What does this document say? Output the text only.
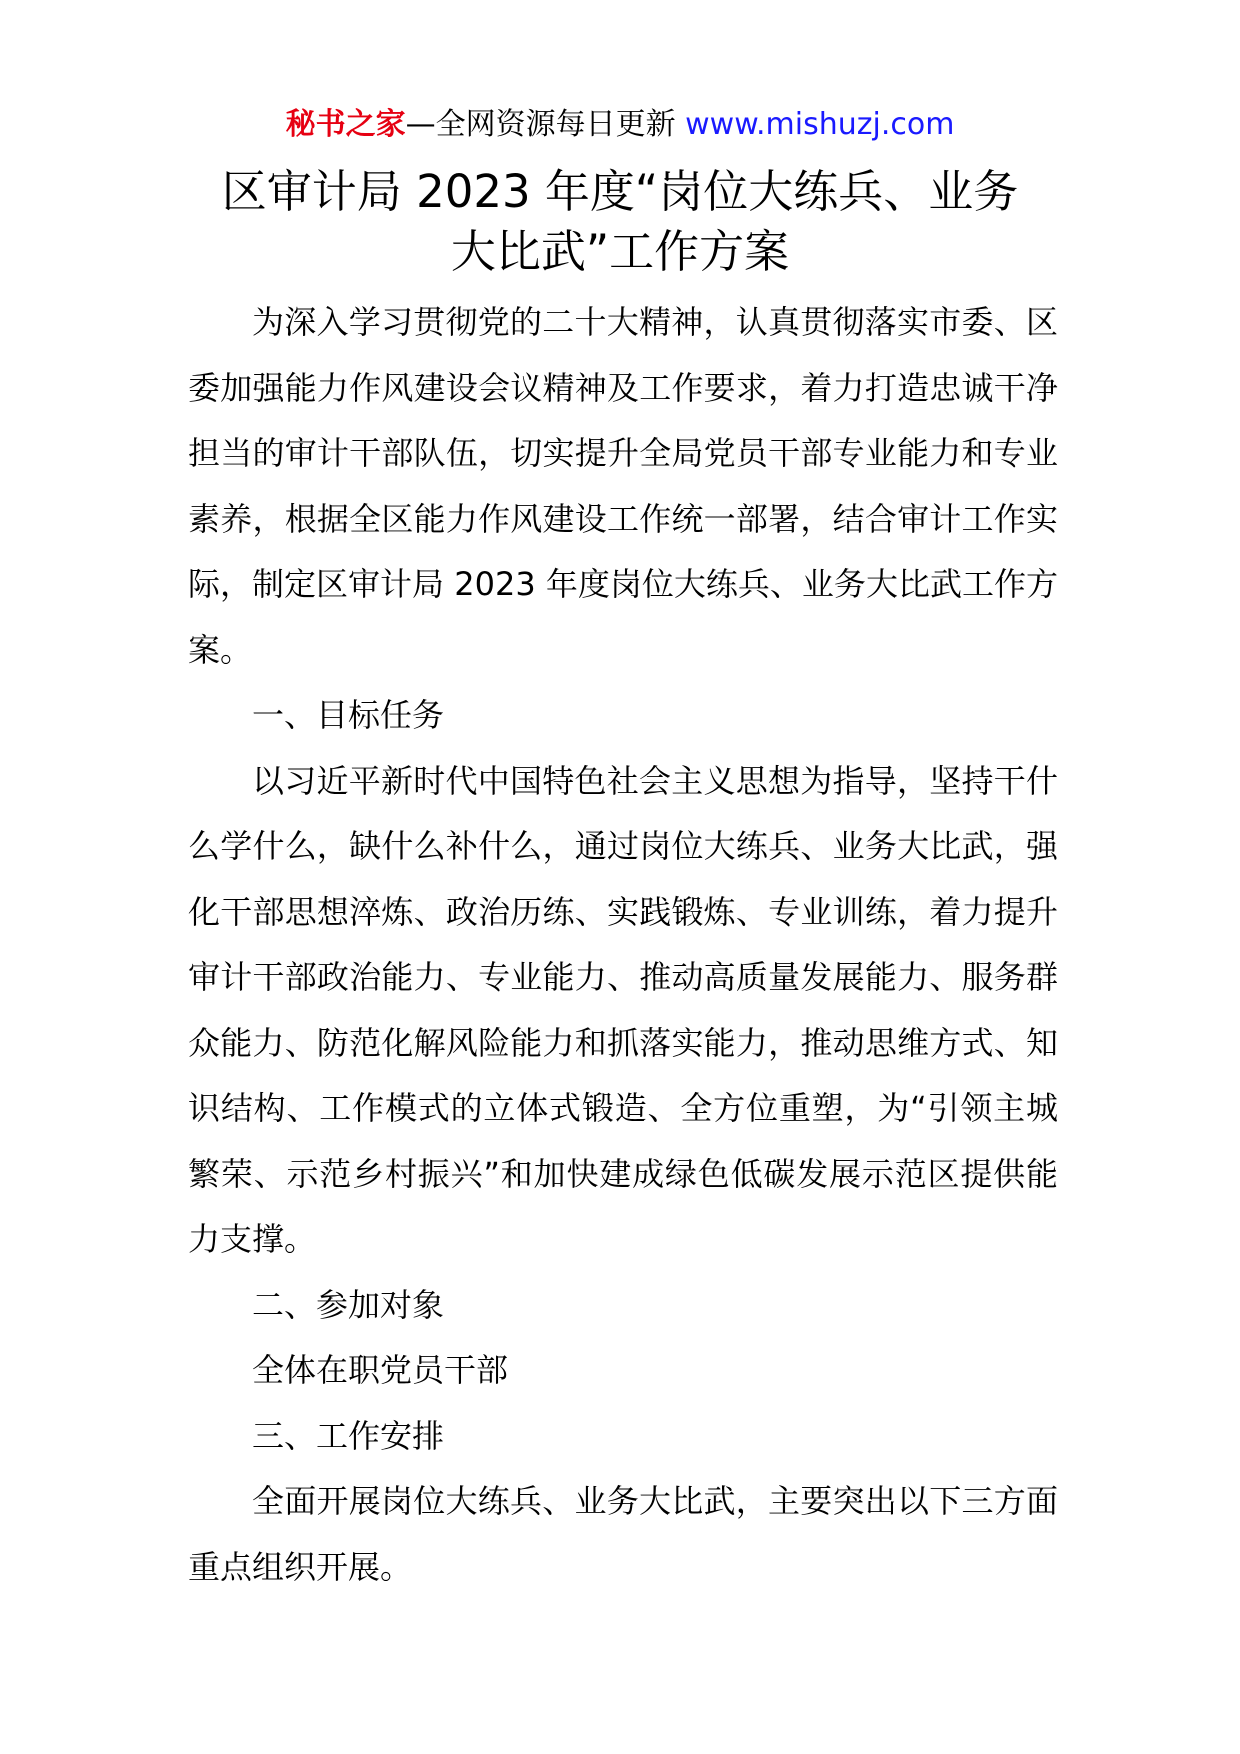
秘书之家—全网资源每日更新 www.mishuzj.com
区审计局 2023 年度“岗位大练兵、业务
大比武”工作方案

为深入学习贯彻党的二十大精神，认真贯彻落实市委、区委加强能力作风建设会议精神及工作要求，着力打造忠诚干净担当的审计干部队伍，切实提升全局党员干部专业能力和专业素养，根据全区能力作风建设工作统一部署，结合审计工作实际，制定区审计局 2023 年度岗位大练兵、业务大比武工作方案。

一、目标任务

以习近平新时代中国特色社会主义思想为指导，坚持干什么学什么，缺什么补什么，通过岗位大练兵、业务大比武，强化干部思想淬炼、政治历练、实践锻炼、专业训练，着力提升审计干部政治能力、专业能力、推动高质量发展能力、服务群众能力、防范化解风险能力和抓落实能力，推动思维方式、知识结构、工作模式的立体式锻造、全方位重塑，为“引领主城繁荣、示范乡村振兴”和加快建成绿色低碳发展示范区提供能力支撑。

二、参加对象

全体在职党员干部

三、工作安排

全面开展岗位大练兵、业务大比武，主要突出以下三方面重点组织开展。
